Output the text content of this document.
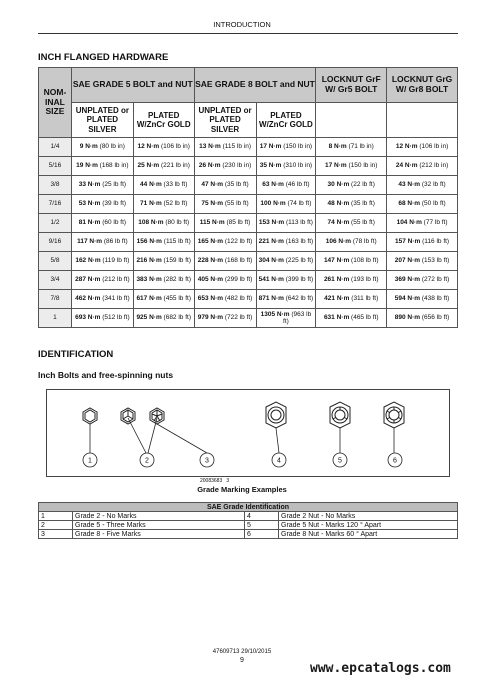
INTRODUCTION
INCH FLANGED HARDWARE
NOM-
INAL
SIZE	SAE GRADE 5 BOLT and NUT		SAE GRADE 8 BOLT and NUT		LOCKNUT GrF W/ Gr5 BOLT	LOCKNUT GrG W/ Gr8 BOLT
	UNPLATED or PLATED SILVER	PLATED W/ZnCr GOLD	UNPLATED or PLATED SILVER	PLATED W/ZnCr GOLD		
1/4	9 N·m (80 lb in)	12 N·m (106 lb in)	13 N·m (115 lb in)	17 N·m (150 lb in)	8 N·m (71 lb in)	12 N·m (106 lb in)
5/16	19 N·m (168 lb in)	25 N·m (221 lb in)	26 N·m (230 lb in)	35 N·m (310 lb in)	17 N·m (150 lb in)	24 N·m (212 lb in)
3/8	33 N·m (25 lb ft)	44 N·m (33 lb ft)	47 N·m (35 lb ft)	63 N·m (46 lb ft)	30 N·m (22 lb ft)	43 N·m (32 lb ft)
7/16	53 N·m (39 lb ft)	71 N·m (52 lb ft)	75 N·m (55 lb ft)	100 N·m (74 lb ft)	48 N·m (35 lb ft)	68 N·m (50 lb ft)
1/2	81 N·m (60 lb ft)	108 N·m (80 lb ft)	115 N·m (85 lb ft)	153 N·m (113 lb ft)	74 N·m (55 lb ft)	104 N·m (77 lb ft)
9/16	117 N·m (86 lb ft)	156 N·m (115 lb ft)	165 N·m (122 lb ft)	221 N·m (163 lb ft)	106 N·m (78 lb ft)	157 N·m (116 lb ft)
5/8	162 N·m (119 lb ft)	216 N·m (159 lb ft)	228 N·m (168 lb ft)	304 N·m (225 lb ft)	147 N·m (108 lb ft)	207 N·m (153 lb ft)
3/4	287 N·m (212 lb ft)	383 N·m (282 lb ft)	405 N·m (299 lb ft)	541 N·m (399 lb ft)	261 N·m (193 lb ft)	369 N·m (272 lb ft)
7/8	462 N·m (341 lb ft)	617 N·m (455 lb ft)	653 N·m (482 lb ft)	871 N·m (642 lb ft)	421 N·m (311 lb ft)	594 N·m (438 lb ft)
1	693 N·m (512 lb ft)	925 N·m (682 lb ft)	979 N·m (722 lb ft)	1305 N·m (963 lb ft)	631 N·m (465 lb ft)	890 N·m (656 lb ft)
IDENTIFICATION
Inch Bolts and free-spinning nuts
1	2	3	4	5	6
20083683 3
Grade Marking Examples
SAE Grade Identification			
1	Grade 2 - No Marks	4	Grade 2 Nut - No Marks
2	Grade 5 - Three Marks	5	Grade 5 Nut - Marks 120 ° Apart
3	Grade 8 - Five Marks	6	Grade 8 Nut - Marks 60 ° Apart
47609713 29/10/2015
9
www.epcatalogs.com
